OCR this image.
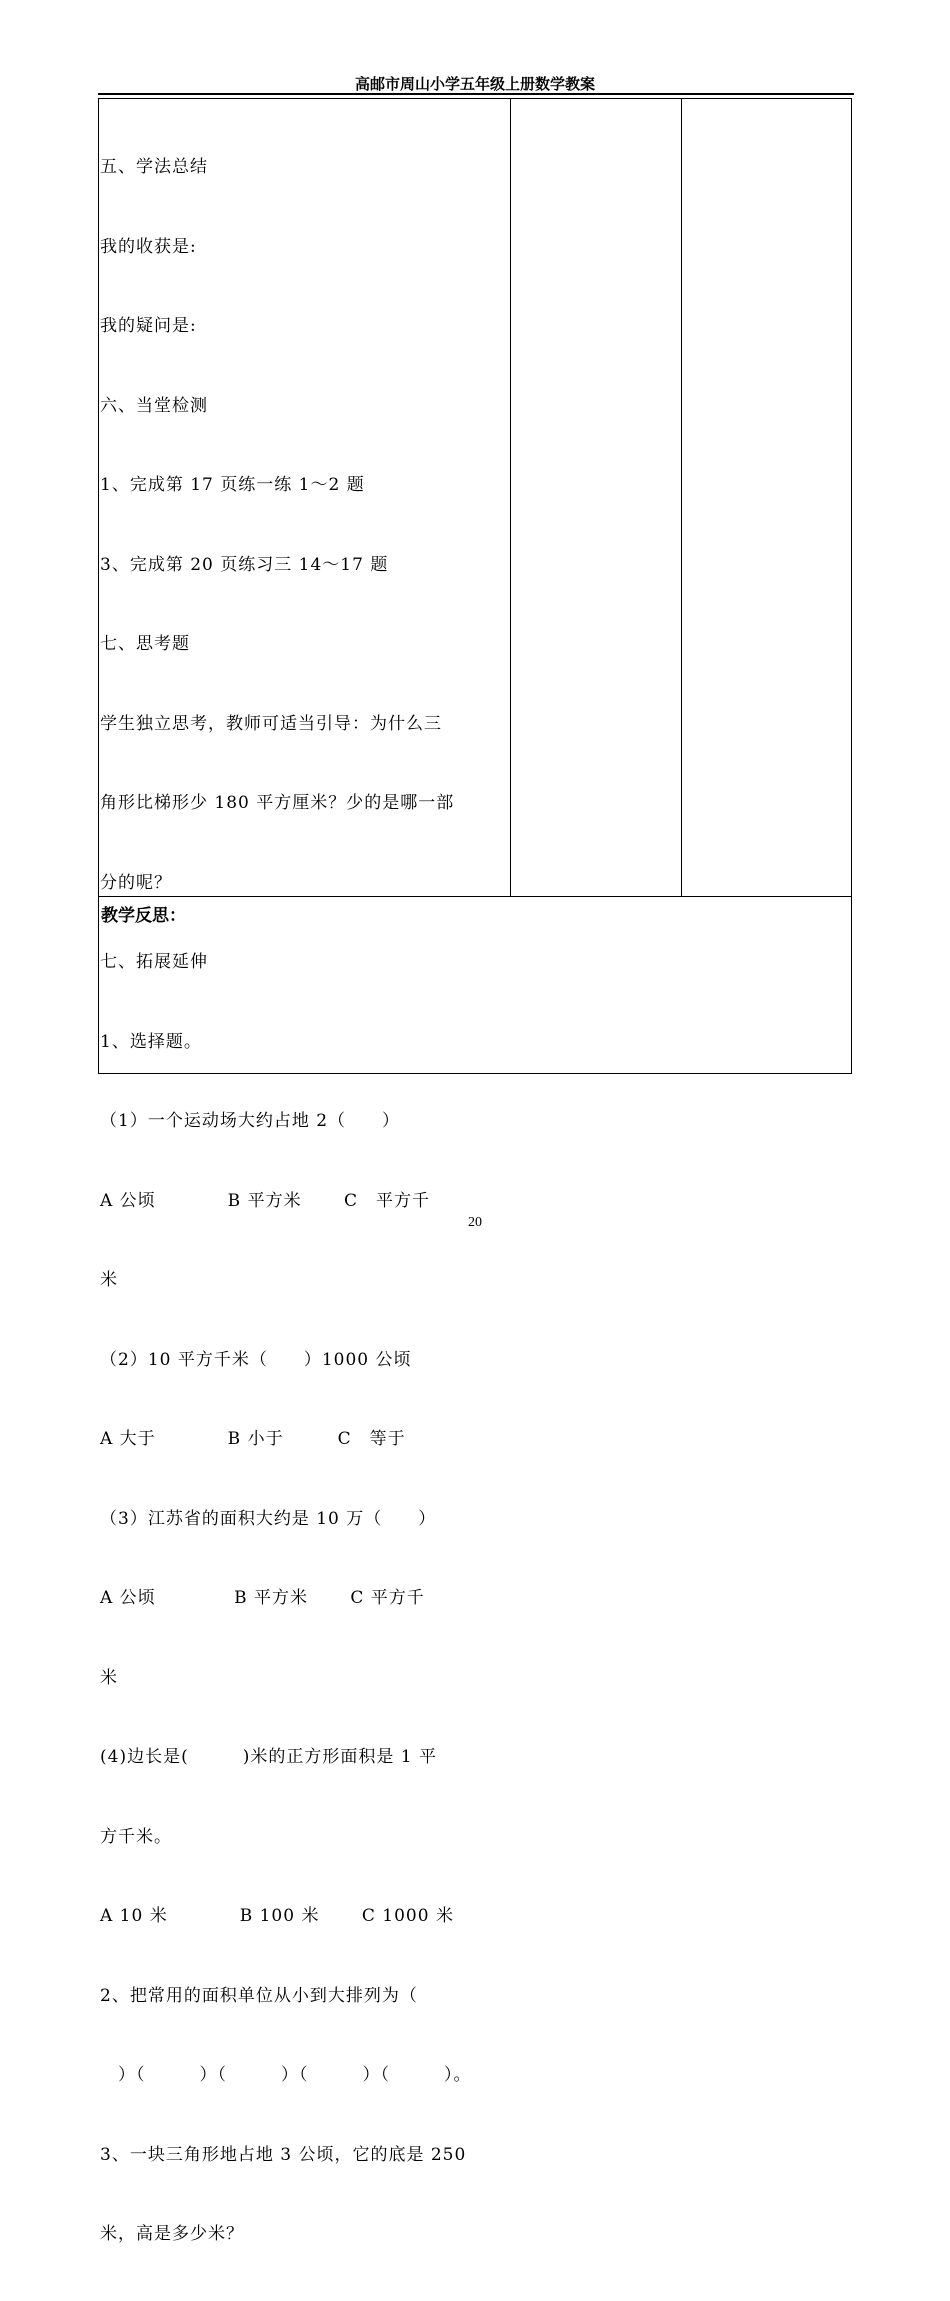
高邮市周山小学五年级上册数学教案

五、学法总结

我的收获是:

我的疑问是:

六、当堂检测

1、完成第 17 页练一练 1～2 题

3、完成第 20 页练习三 14～17 题

七、思考题

学生独立思考，教师可适当引导：为什么三

角形比梯形少 180 平方厘米？少的是哪一部

分的呢？

七、拓展延伸

1、选择题。

（1）一个运动场大约占地 2（　　）

A 公顷　　　　B 平方米　　 C　平方千

米

（2）10 平方千米（　　）1000 公顷

A 大于　　　　B 小于　　　C　等于

（3）江苏省的面积大约是 10 万（　　）

A 公顷　　　　 B 平方米　　 C 平方千

米

(4)边长是(　　　)米的正方形面积是 1 平

方千米。

A 10 米　　　　B 100 米　　 C 1000 米

2、把常用的面积单位从小到大排列为（

　）（　　　）（　　　）（　　　）（　　　）。

3、一块三角形地占地 3 公顷，它的底是 250

米，高是多少米？

教学反思：
20
